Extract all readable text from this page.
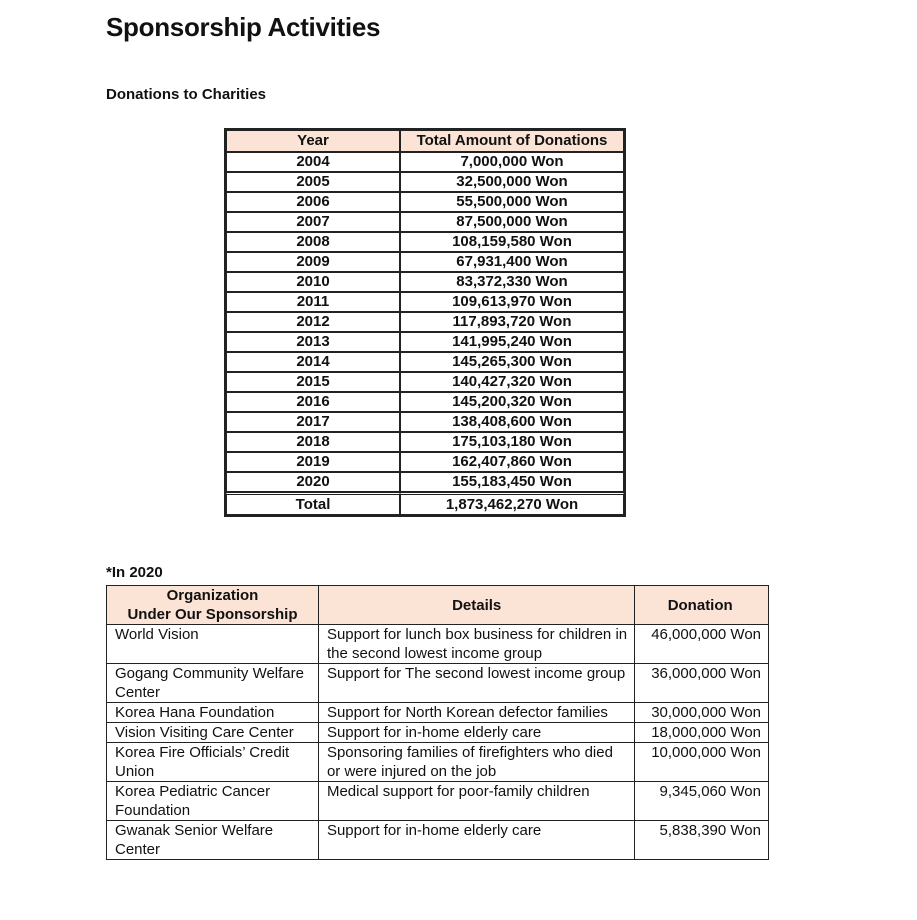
Sponsorship Activities
Donations to Charities
Year	Total Amount of Donations
2004	7,000,000 Won
2005	32,500,000 Won
2006	55,500,000 Won
2007	87,500,000 Won
2008	108,159,580 Won
2009	67,931,400 Won
2010	83,372,330 Won
2011	109,613,970 Won
2012	117,893,720 Won
2013	141,995,240 Won
2014	145,265,300 Won
2015	140,427,320 Won
2016	145,200,320 Won
2017	138,408,600 Won
2018	175,103,180 Won
2019	162,407,860 Won
2020	155,183,450 Won
Total	1,873,462,270 Won

*In 2020

Organization
Under Our Sponsorship	Details	Donation
World Vision	Support for lunch box business for children in the second lowest income group	46,000,000 Won
Gogang Community Welfare Center	Support for The second lowest income group	36,000,000 Won
Korea Hana Foundation	Support for North Korean defector families	30,000,000 Won
Vision Visiting Care Center	Support for in-home elderly care	18,000,000 Won
Korea Fire Officials’ Credit Union	Sponsoring families of firefighters who died or were injured on the job	10,000,000 Won
Korea Pediatric Cancer Foundation	Medical support for poor-family children	9,345,060 Won
Gwanak Senior Welfare Center	Support for in-home elderly care	5,838,390 Won
